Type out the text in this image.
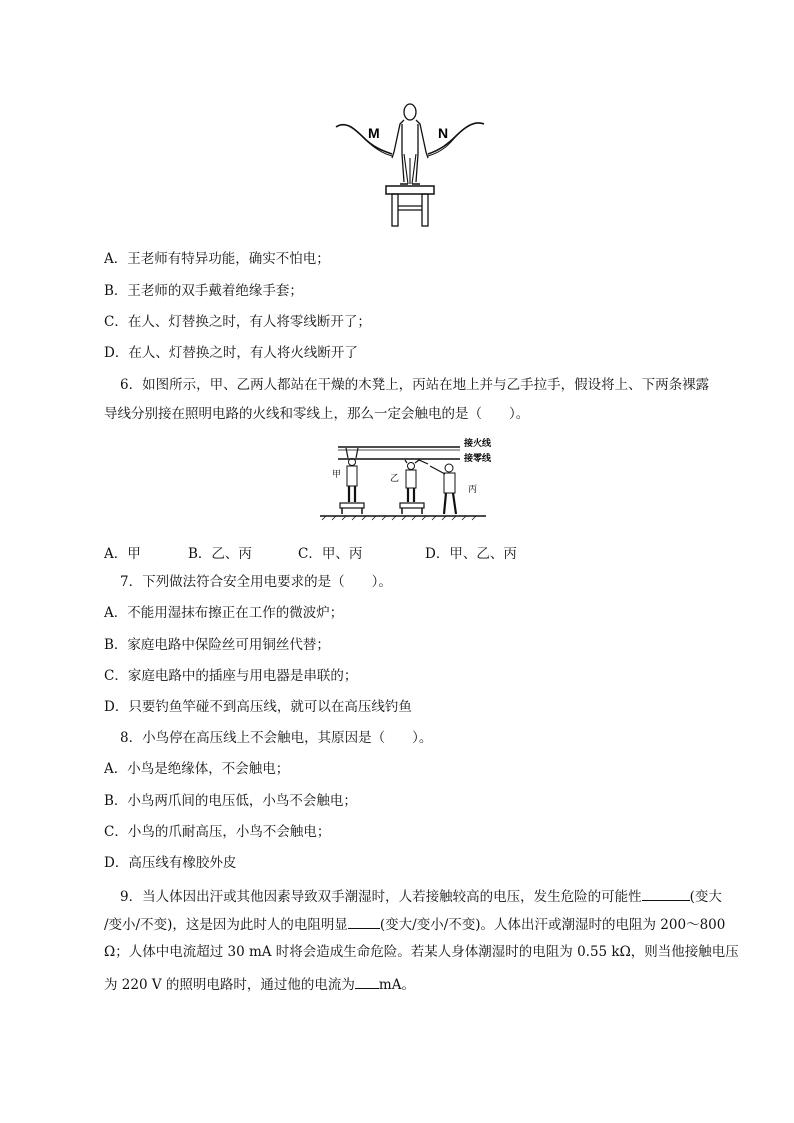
M	N
A．王老师有特异功能，确实不怕电；
B．王老师的双手戴着绝缘手套；
C．在人、灯替换之时，有人将零线断开了；
D．在人、灯替换之时，有人将火线断开了
6．如图所示，甲、乙两人都站在干燥的木凳上，丙站在地上并与乙手拉手，假设将上、下两条裸露
导线分别接在照明电路的火线和零线上，那么一定会触电的是（　　）。
接火线
接零线
甲	乙
丙
A．甲	B．乙、丙	C．甲、丙	D．甲、乙、丙
7．下列做法符合安全用电要求的是（　　）。
A．不能用湿抹布擦正在工作的微波炉；
B．家庭电路中保险丝可用铜丝代替；
C．家庭电路中的插座与用电器是串联的；
D．只要钓鱼竿碰不到高压线，就可以在高压线钓鱼
8．小鸟停在高压线上不会触电，其原因是（　　）。
A．小鸟是绝缘体，不会触电；
B．小鸟两爪间的电压低，小鸟不会触电；
C．小鸟的爪耐高压，小鸟不会触电；
D．高压线有橡胶外皮
9．当人体因出汗或其他因素导致双手潮湿时，人若接触较高的电压，发生危险的可能性	(变大
/变小/不变)，这是因为此时人的电阻明显 (变大/变小/不变)。人体出汗或潮湿时的电阻为 200～800
Ω；人体中电流超过 30 mA 时将会造成生命危险。若某人身体潮湿时的电阻为 0.55 kΩ，则当他接触电压
为 220 V 的照明电路时，通过他的电流为 mA。
